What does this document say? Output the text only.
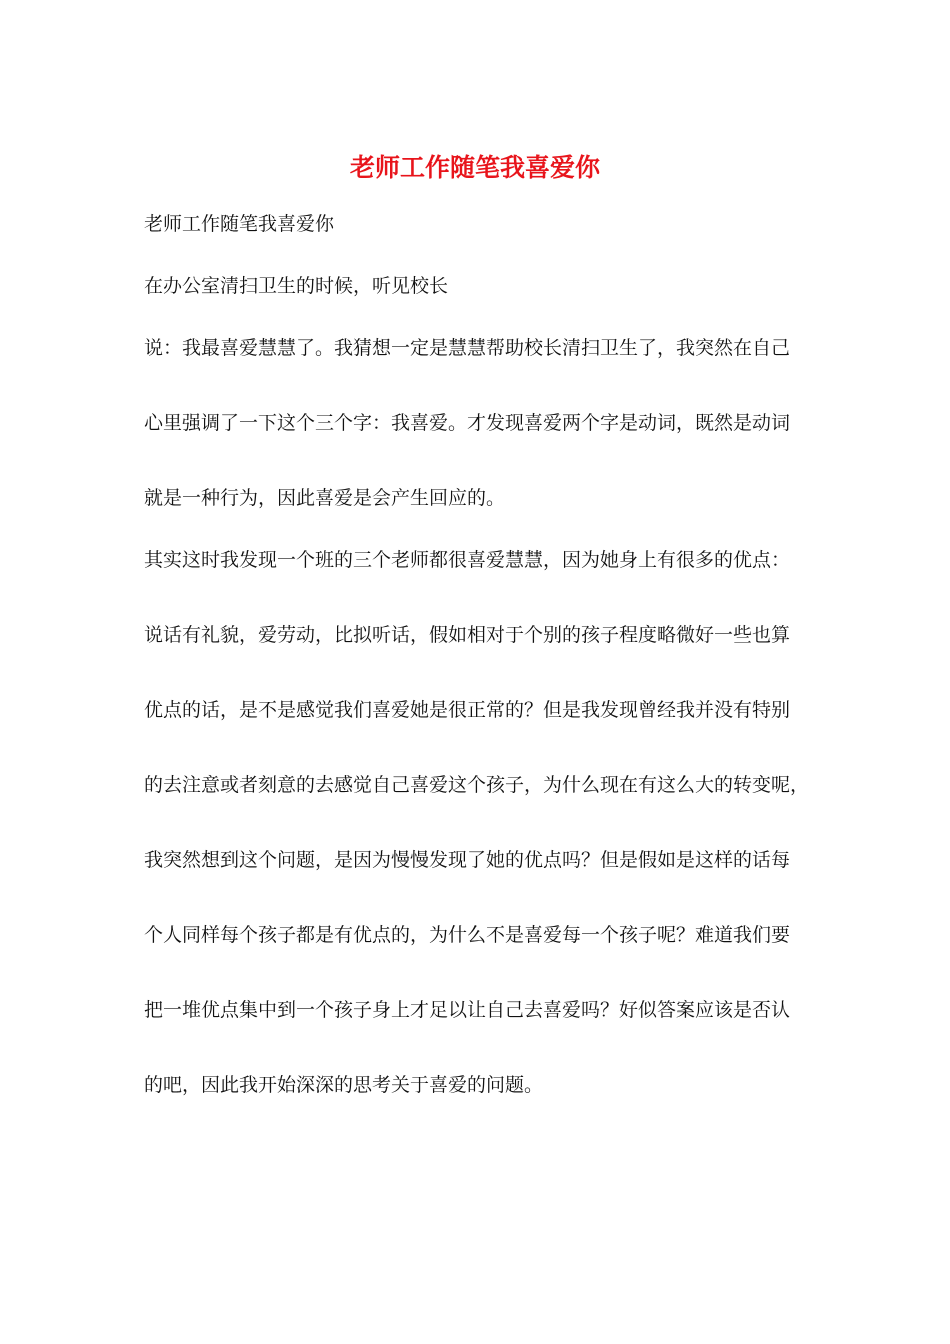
老师工作随笔我喜爱你

老师工作随笔我喜爱你

在办公室清扫卫生的时候，听见校长

说：我最喜爱慧慧了。我猜想一定是慧慧帮助校长清扫卫生了，我突然在自己

心里强调了一下这个三个字：我喜爱。才发现喜爱两个字是动词，既然是动词

就是一种行为，因此喜爱是会产生回应的。

其实这时我发现一个班的三个老师都很喜爱慧慧，因为她身上有很多的优点：

说话有礼貌，爱劳动，比拟听话，假如相对于个别的孩子程度略微好一些也算

优点的话，是不是感觉我们喜爱她是很正常的？但是我发现曾经我并没有特别

的去注意或者刻意的去感觉自己喜爱这个孩子，为什么现在有这么大的转变呢，

我突然想到这个问题，是因为慢慢发现了她的优点吗？但是假如是这样的话每

个人同样每个孩子都是有优点的，为什么不是喜爱每一个孩子呢？难道我们要

把一堆优点集中到一个孩子身上才足以让自己去喜爱吗？好似答案应该是否认

的吧，因此我开始深深的思考关于喜爱的问题。
